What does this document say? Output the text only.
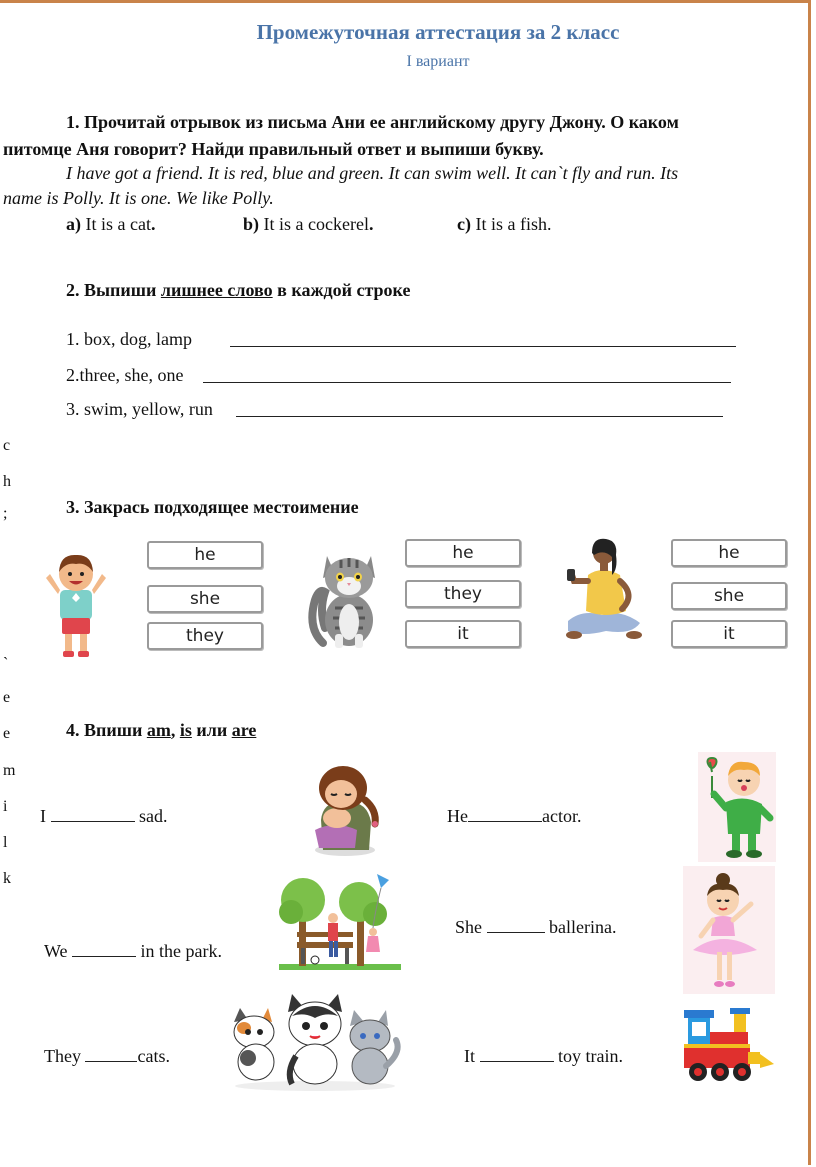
Промежуточная аттестация за 2 класс
I вариант
1. Прочитай отрывок из письма Ани ее английскому другу Джону. О каком
питомце Аня говорит? Найди правильный ответ и выпиши букву.
I have got a friend. It is red, blue and green. It can swim well. It can`t fly and run. Its
name is Polly. It is one. We like Polly.
a) It is a cat.	b) It is a cockerel.	c) It is a fish.
2. Выпиши лишнее слово в каждой строке
1. box, dog, lamp
2.three, she, one
3. swim, yellow, run
c
h
;
`
e
e
m
i
l
k
3. Закрась подходящее местоимение
he
she
they
he
they
it
he
she
it
4. Впиши am, is или are
I	sad.	He	actor.
She	ballerina.
We	in the park.
They	cats.	It	toy train.
